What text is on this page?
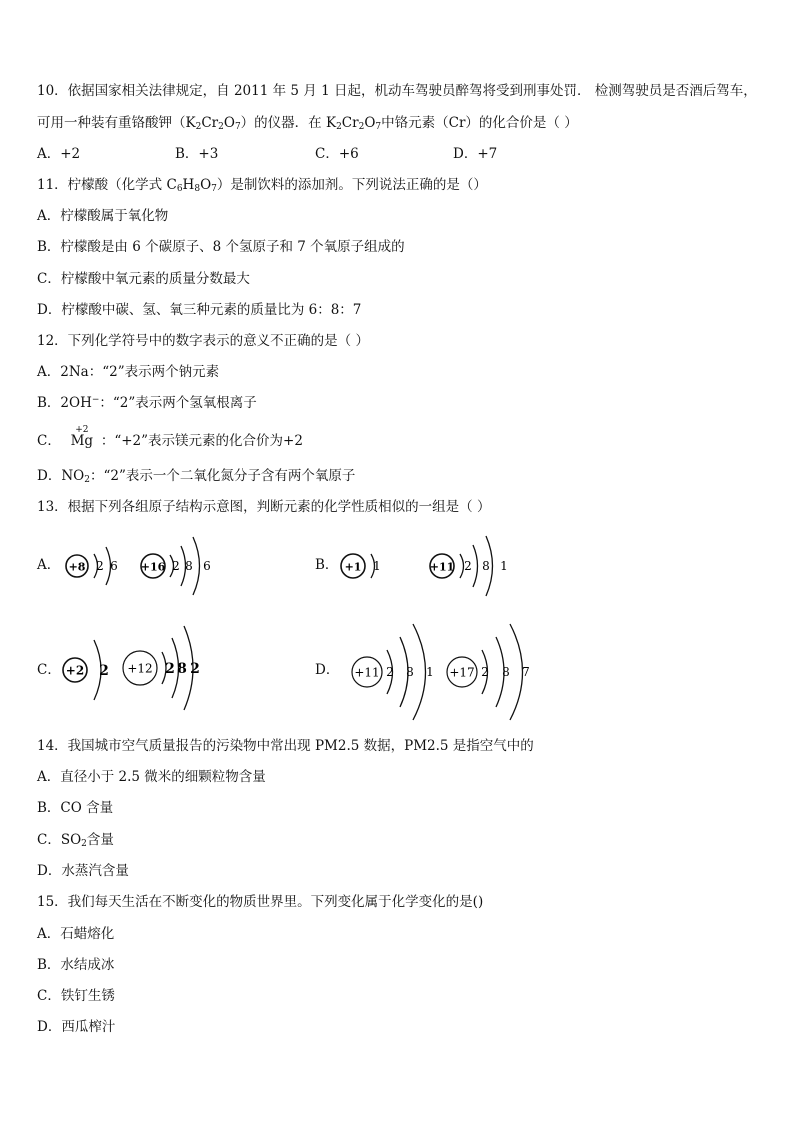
10．依据国家相关法律规定，自 2011 年 5 月 1 日起，机动车驾驶员醉驾将受到刑事处罚． 检测驾驶员是否酒后驾车，
可用一种装有重铬酸钾$(K_2Cr_2O_7)$的仪器．在 $K_2Cr_2O_7$中铬元素（Cr）的化合价是（ ）
A．+2	B．+3	C．+6	D．+7
11．柠檬酸（化学式 $C_6H_8O_7$）是制饮料的添加剂。下列说法正确的是（）
A．柠檬酸属于氧化物
B．柠檬酸是由 6 个碳原子、8 个氢原子和 7 个氧原子组成的
C．柠檬酸中氧元素的质量分数最大
D．柠檬酸中碳、氢、氧三种元素的质量比为 6：8：7
12．下列化学符号中的数字表示的意义不正确的是（ ）
A．2Na：“2”表示两个钠元素
B．2OH−：“2”表示两个氢氧根离子
C．
+2
Mg ：“+2”表示镁元素的化合价为+2
D．$NO_2$：“2”表示一个二氧化氮分子含有两个氧原子
13．根据下列各组原子结构示意图，判断元素的化学性质相似的一组是（ ）
A．	B．
C．	D．
+8 2 6 +16 2 8 6	+1 1	+11 2 8 1
+2 2 +12 2 8 2	+11 2 8 1 +17 2 8 7
14．我国城市空气质量报告的污染物中常出现 PM2.5 数据，PM2.5 是指空气中的
A．直径小于 2.5 微米的细颗粒物含量
B．CO 含量
C．$SO_2$含量
D．水蒸汽含量
15．我们每天生活在不断变化的物质世界里。下列变化属于化学变化的是()
A．石蜡熔化
B．水结成冰
C．铁钉生锈
D．西瓜榨汁
